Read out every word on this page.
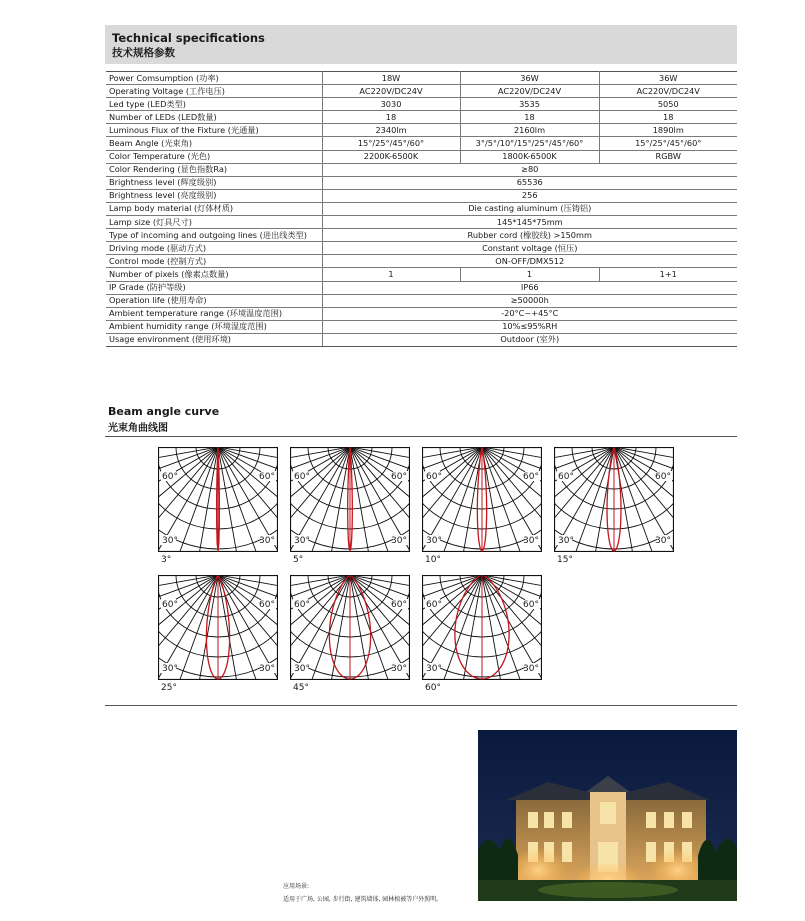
Technical specifications
技术规格参数
Power Comsumption (功率)	18W	36W	36W
Operating Voltage (工作电压)	AC220V/DC24V	AC220V/DC24V	AC220V/DC24V
Led type (LED类型)	3030	3535	5050
Number of LEDs (LED数量)	18	18	18
Luminous Flux of the Fixture (光通量)	2340lm	2160lm	1890lm
Beam Angle (光束角)	15°/25°/45°/60°	3°/5°/10°/15°/25°/45°/60°	15°/25°/45°/60°
Color Temperature (光色)	2200K-6500K	1800K-6500K	RGBW
Color Rendering (显色指数Ra)	≥80		
Brightness level (辉度级别)	65536		
Brightness level (亮度级别)	256		
Lamp body material (灯体材质)	Die casting aluminum (压铸铝)		
Lamp size (灯具尺寸)	145*145*75mm		
Type of incoming and outgoing lines (进出线类型)	Rubber cord (橡胶线) >150mm		
Driving mode (驱动方式)	Constant voltage (恒压)		
Control mode (控制方式)	ON-OFF/DMX512		
Number of pixels (像素点数量)	1	1	1+1
IP Grade (防护等级)	IP66		
Operation life (使用寿命)	≥50000h		
Ambient temperature range (环境温度范围)	-20°C~+45°C		
Ambient humidity range (环境湿度范围)	10%≤95%RH		
Usage environment (使用环境)	Outdoor (室外)		
Beam angle curve
光束角曲线图
60°	60°
30°	30°
3°
60°	60°
30°	30°
5°
60°	60°
30°	30°
10°
60°	60°
30°	30°
15°
60°	60°
30°	30°
25°
60°	60°
30°	30°
45°
60°	60°
30°	30°
60°
应用场景:
适用于广场, 公园, 步行街, 建筑墙体, 园林植被等户外照明。
